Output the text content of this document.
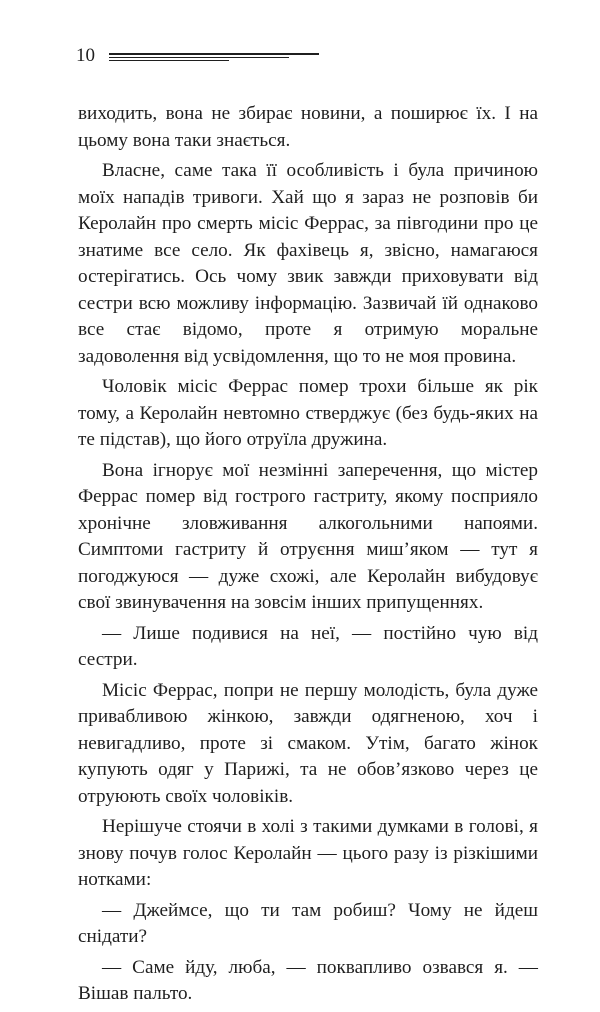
10

виходить, вона не збирає новини, а поширює їх. І на цьому вона таки знається.

Власне, саме така її особливість і була причиною моїх нападів тривоги. Хай що я зараз не розповів би Керолайн про смерть місіс Феррас, за півгодини про це знатиме все село. Як фахівець я, звісно, намагаюся остерігатись. Ось чому звик завжди приховувати від сестри всю можливу інформацію. Зазвичай їй однаково все стає відомо, проте я отримую моральне задоволення від усвідомлення, що то не моя провина.

Чоловік місіс Феррас помер трохи більше як рік тому, а Керолайн невтомно стверджує (без будь-яких на те підстав), що його отруїла дружина.

Вона ігнорує мої незмінні заперечення, що містер Феррас помер від гострого гастриту, якому посприяло хронічне зловживання алкогольними напоями. Симптоми гастриту й отруєння миш’яком — тут я погоджуюся — дуже схожі, але Керолайн вибудовує свої звинувачення на зовсім інших припущеннях.

— Лише подивися на неї, — постійно чую від сестри.

Місіс Феррас, попри не першу молодість, була дуже привабливою жінкою, завжди одягненою, хоч і невигадливо, проте зі смаком. Утім, багато жінок купують одяг у Парижі, та не обов’язково через це отруюють своїх чоловіків.

Нерішуче стоячи в холі з такими думками в голові, я знову почув голос Керолайн — цього разу із різкішими нотками:

— Джеймсе, що ти там робиш? Чому не йдеш снідати?

— Саме йду, люба, — поквапливо озвався я. — Вішав пальто.
